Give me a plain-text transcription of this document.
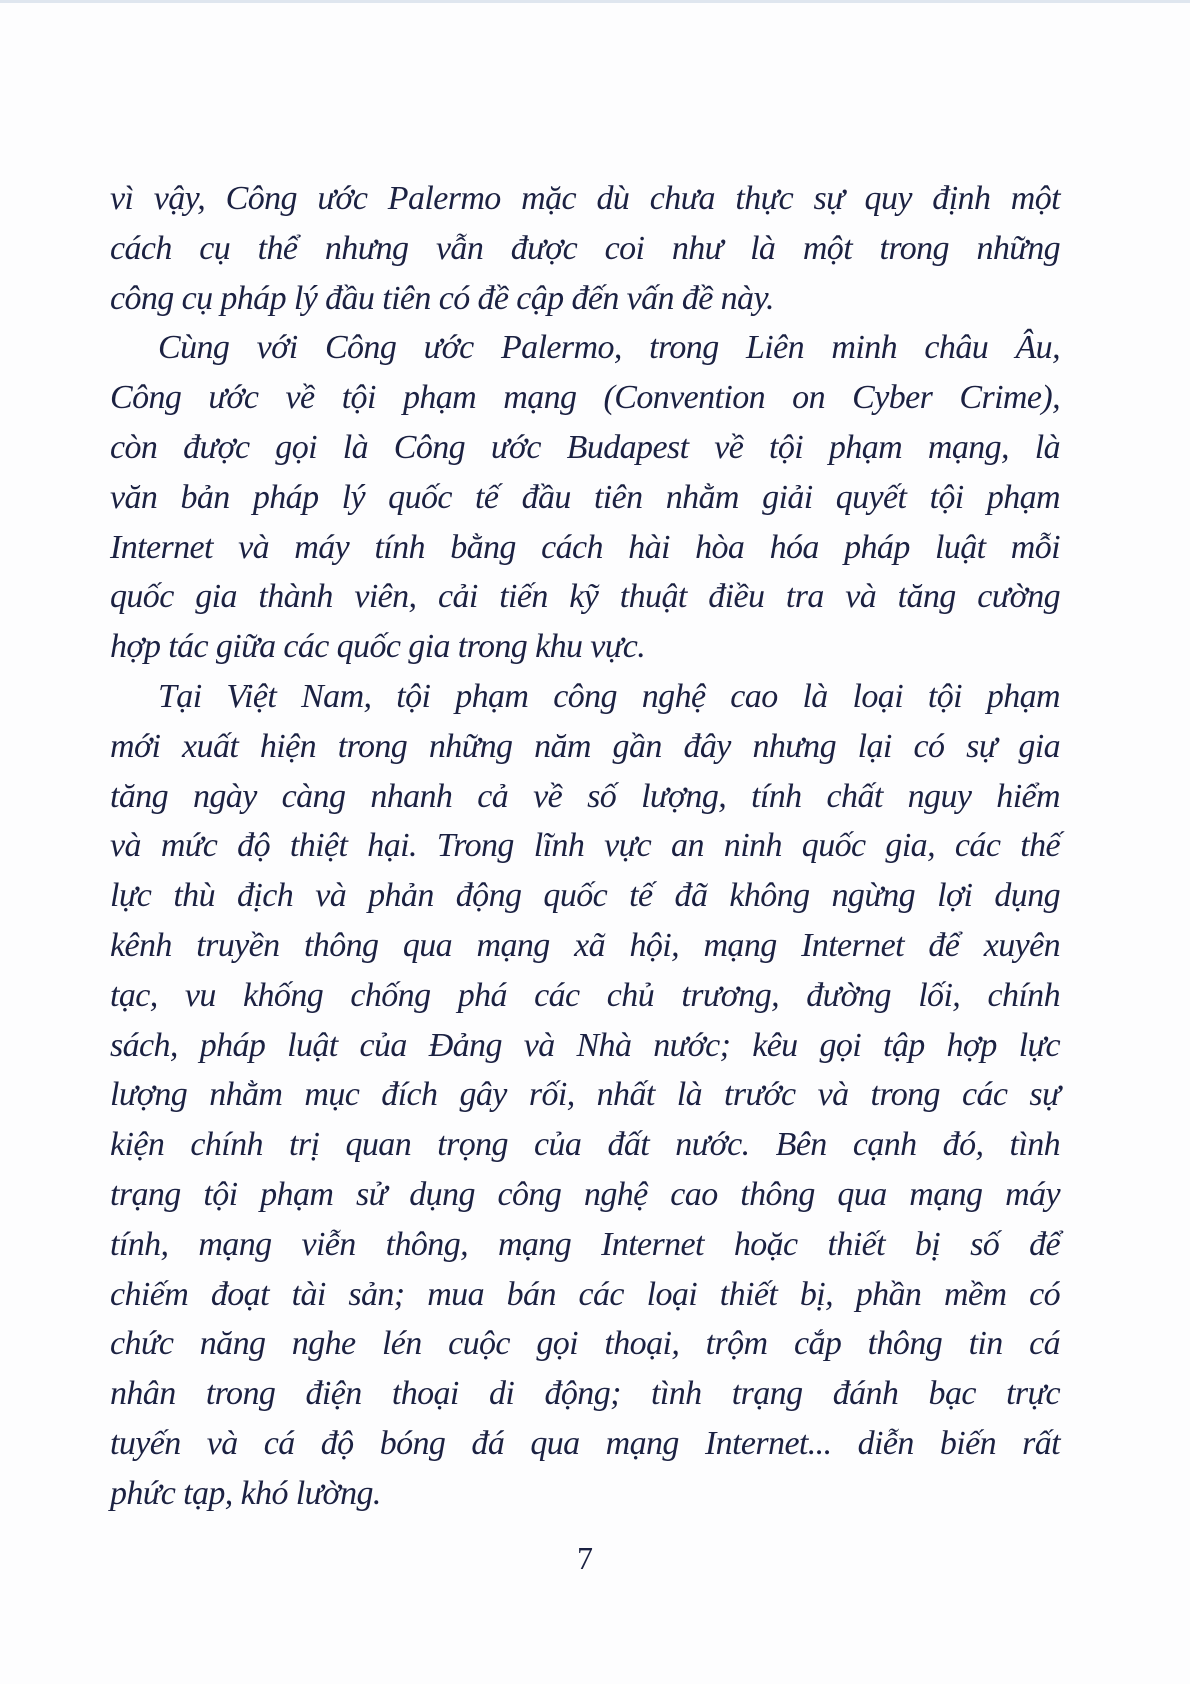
vì vậy, Công ước Palermo mặc dù chưa thực sự quy định một
cách cụ thể nhưng vẫn được coi như là một trong những
công cụ pháp lý đầu tiên có đề cập đến vấn đề này.
Cùng với Công ước Palermo, trong Liên minh châu Âu,
Công ước về tội phạm mạng (Convention on Cyber Crime),
còn được gọi là Công ước Budapest về tội phạm mạng, là
văn bản pháp lý quốc tế đầu tiên nhằm giải quyết tội phạm
Internet và máy tính bằng cách hài hòa hóa pháp luật mỗi
quốc gia thành viên, cải tiến kỹ thuật điều tra và tăng cường
hợp tác giữa các quốc gia trong khu vực.
Tại Việt Nam, tội phạm công nghệ cao là loại tội phạm
mới xuất hiện trong những năm gần đây nhưng lại có sự gia
tăng ngày càng nhanh cả về số lượng, tính chất nguy hiểm
và mức độ thiệt hại. Trong lĩnh vực an ninh quốc gia, các thế
lực thù địch và phản động quốc tế đã không ngừng lợi dụng
kênh truyền thông qua mạng xã hội, mạng Internet để xuyên
tạc, vu khống chống phá các chủ trương, đường lối, chính
sách, pháp luật của Đảng và Nhà nước; kêu gọi tập hợp lực
lượng nhằm mục đích gây rối, nhất là trước và trong các sự
kiện chính trị quan trọng của đất nước. Bên cạnh đó, tình
trạng tội phạm sử dụng công nghệ cao thông qua mạng máy
tính, mạng viễn thông, mạng Internet hoặc thiết bị số để
chiếm đoạt tài sản; mua bán các loại thiết bị, phần mềm có
chức năng nghe lén cuộc gọi thoại, trộm cắp thông tin cá
nhân trong điện thoại di động; tình trạng đánh bạc trực
tuyến và cá độ bóng đá qua mạng Internet... diễn biến rất
phức tạp, khó lường.
7
